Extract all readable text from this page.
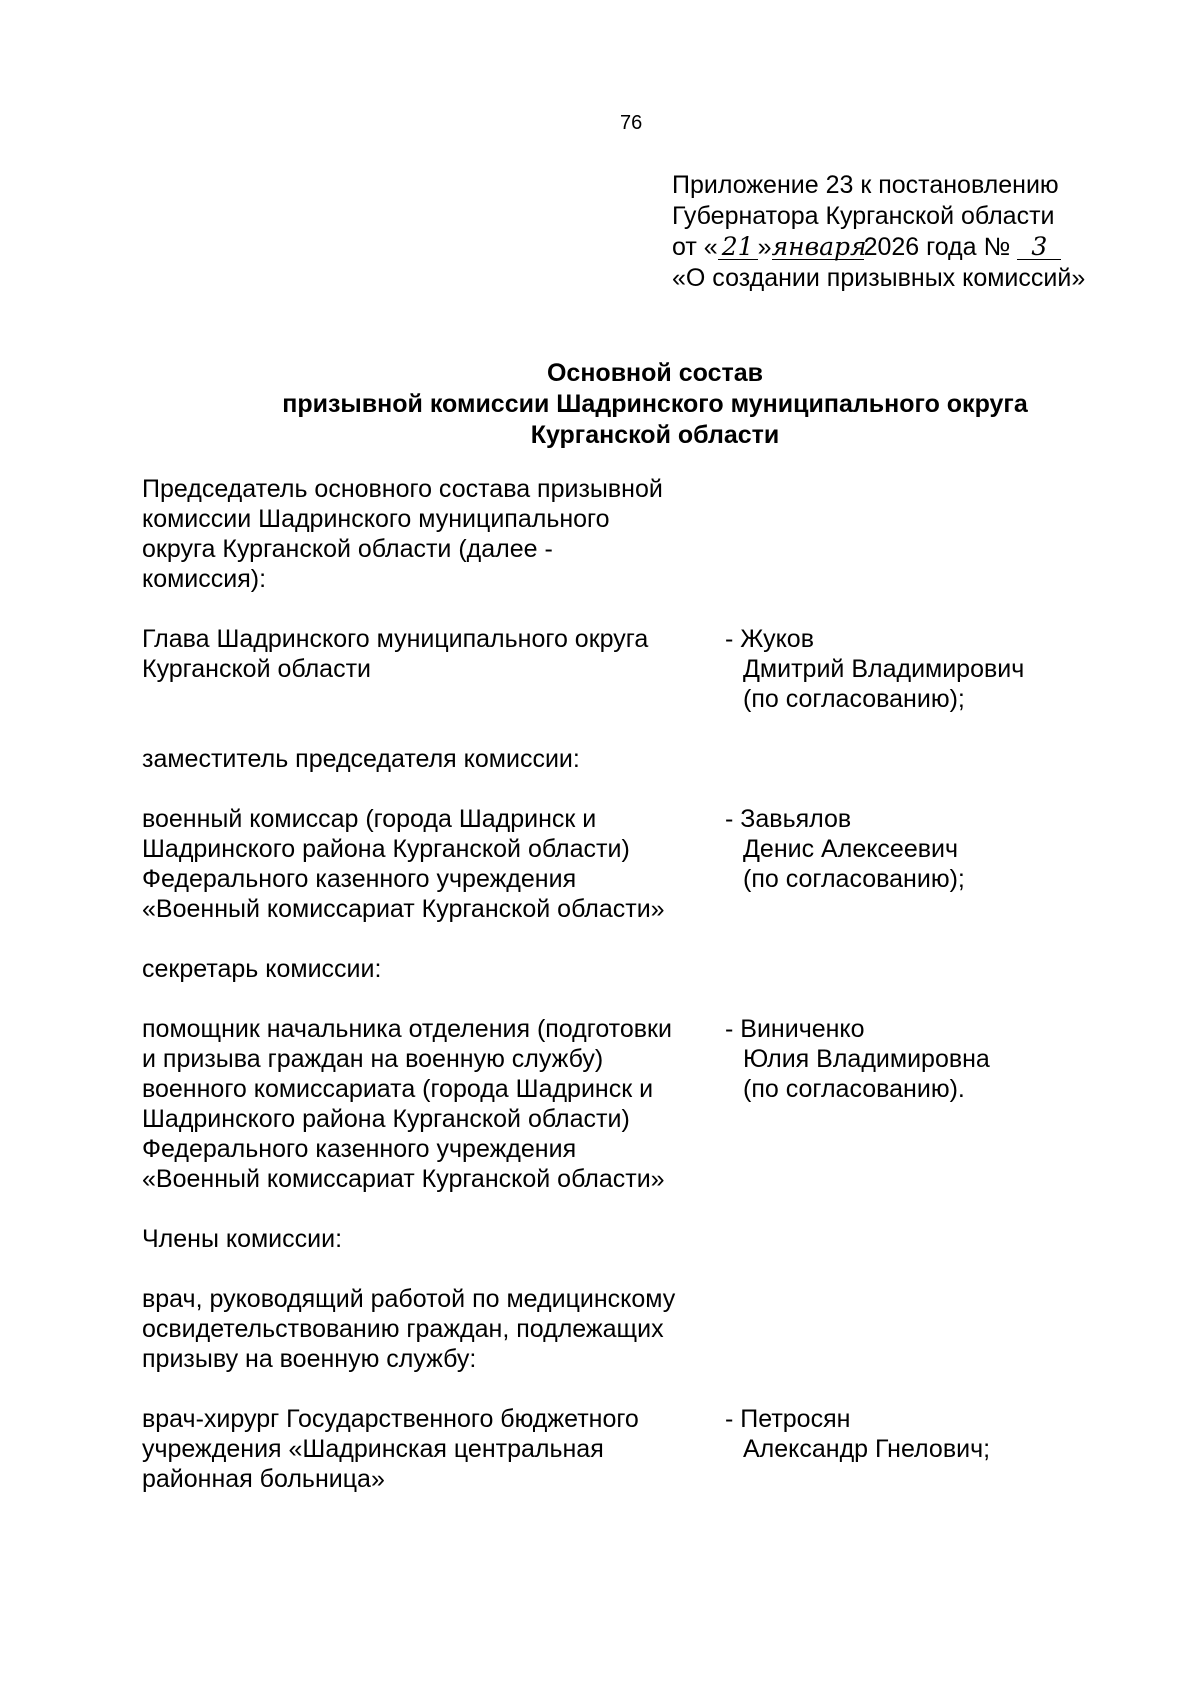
76
Приложение 23 к постановлению
Губернатора Курганской области
от « 21 »января2026 года № 3
«О создании призывных комиссий»
Основной состав
призывной комиссии Шадринского муниципального округа
Курганской области
Председатель основного состава призывной
комиссии Шадринского муниципального
округа Курганской области (далее -
комиссия):
Глава Шадринского муниципального округа
Курганской области
- Жуков
Дмитрий Владимирович
(по согласованию);
заместитель председателя комиссии:
военный комиссар (города Шадринск и
Шадринского района Курганской области)
Федерального казенного учреждения
«Военный комиссариат Курганской области»
- Завьялов
Денис Алексеевич
(по согласованию);
секретарь комиссии:
помощник начальника отделения (подготовки
и призыва граждан на военную службу)
военного комиссариата (города Шадринск и
Шадринского района Курганской области)
Федерального казенного учреждения
«Военный комиссариат Курганской области»
- Виниченко
Юлия Владимировна
(по согласованию).
Члены комиссии:
врач, руководящий работой по медицинскому
освидетельствованию граждан, подлежащих
призыву на военную службу:
врач-хирург Государственного бюджетного
учреждения «Шадринская центральная
районная больница»
- Петросян
Александр Гнелович;
